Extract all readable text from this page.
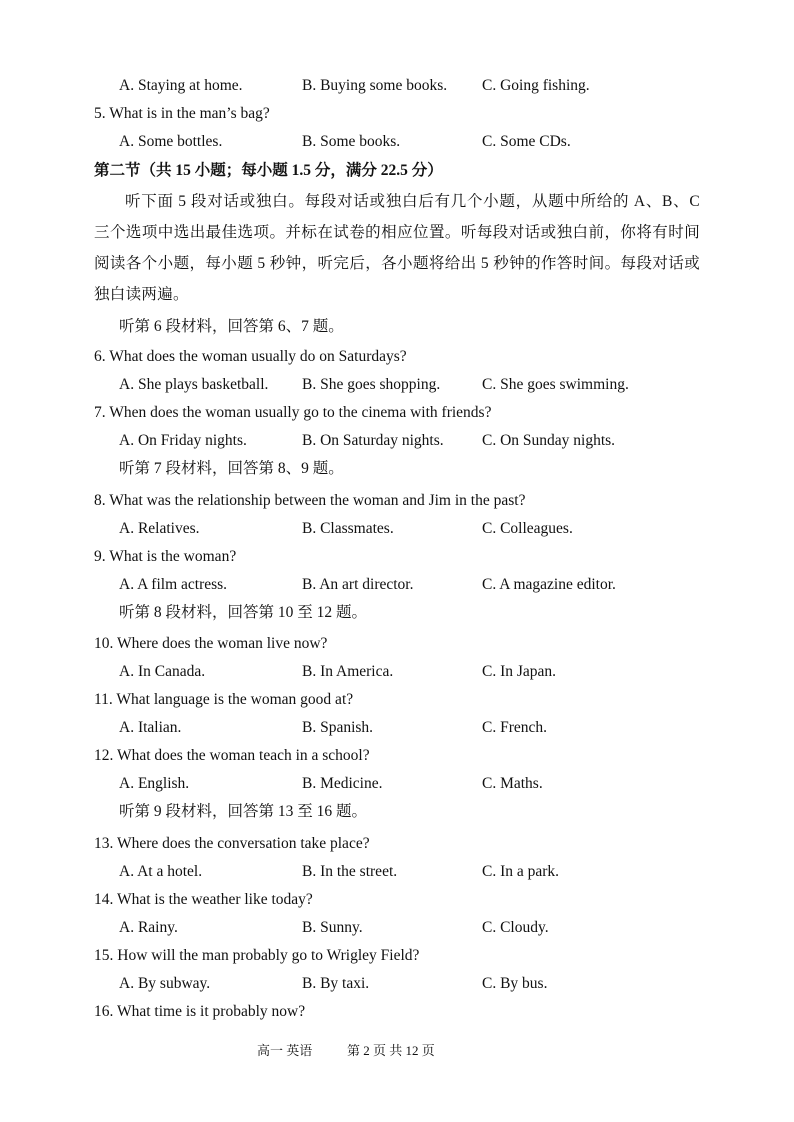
A. Staying at home.	B. Buying some books. C. Going fishing.
5. What is in the man’s bag?
A. Some bottles.	B. Some books.	C. Some CDs.
第二节（共 15 小题；每小题 1.5 分，满分 22.5 分）
听下面 5 段对话或独白。每段对话或独白后有几个小题，从题中所给的 A、B、C 三个选项中选出最佳选项。并标在试卷的相应位置。听每段对话或独白前，你将有时间阅读各个小题，每小题 5 秒钟，听完后，各小题将给出 5 秒钟的作答时间。每段对话或独白读两遍。
听第 6 段材料，回答第 6、7 题。
6. What does the woman usually do on Saturdays?
A. She plays basketball. B. She goes shopping.	C. She goes swimming.
7. When does the woman usually go to the cinema with friends?
A. On Friday nights.	B. On Saturday nights. C. On Sunday nights.
听第 7 段材料，回答第 8、9 题。
8. What was the relationship between the woman and Jim in the past?
A. Relatives.	B. Classmates.	C. Colleagues.
9. What is the woman?
A. A film actress.	B. An art director.	C. A magazine editor.
听第 8 段材料，回答第 10 至 12 题。
10. Where does the woman live now?
A. In Canada.	B. In America.	C. In Japan.
11. What language is the woman good at?
A. Italian.	B. Spanish.	C. French.
12. What does the woman teach in a school?
A. English.	B. Medicine.	C. Maths.
听第 9 段材料，回答第 13 至 16 题。
13. Where does the conversation take place?
A. At a hotel.	B. In the street.	C. In a park.
14. What is the weather like today?
A. Rainy.	B. Sunny.	C. Cloudy.
15. How will the man probably go to Wrigley Field?
A. By subway.	B. By taxi.	C. By bus.
16. What time is it probably now?
高一 英语	第 2 页 共 12 页
